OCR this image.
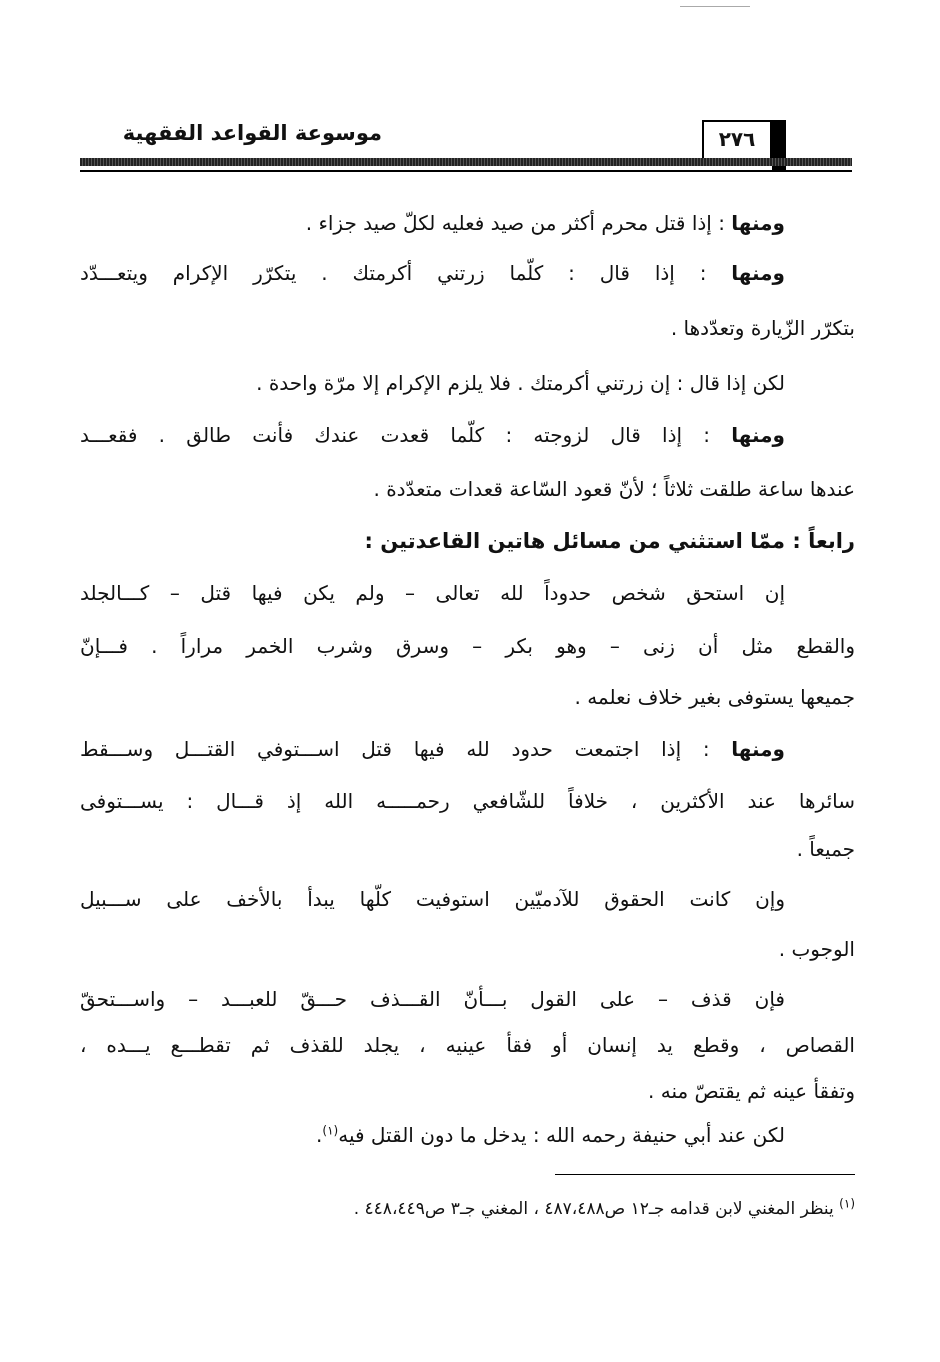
موسوعة القواعد الفقهية	٢٧٦
ومنها : إذا قتل محرم أكثر من صيد فعليه لكلّ صيد جزاء .
ومنها : إذا قال : كلّما زرتني أكرمتك . يتكرّر الإكرام ويتعـــدّد
بتكرّر الزّيارة وتعدّدها .
لكن إذا قال : إن زرتني أكرمتك . فلا يلزم الإكرام إلا مرّة واحدة .
ومنها : إذا قال لزوجته : كلّما قعدت عندك فأنت طالق . فقعـــد
عندها ساعة طلقت ثلاثاً ؛ لأنّ قعود السّاعة قعدات متعدّدة .
رابعاً : ممّا استثني من مسائل هاتين القاعدتين :
إن استحق شخص حدوداً لله تعالى – ولم يكن فيها قتل – كـــالجلد
والقطع مثل أن زنى – وهو بكر – وسرق وشرب الخمر مراراً . فـــإنّ
جميعها يستوفى بغير خلاف نعلمه .
ومنها : إذا اجتمعت حدود لله فيها قتل اســـتوفي القتـــل وســـقط
سائرها عند الأكثرين ، خلافاً للشّافعي رحمـــــه الله إذ قـــال : يســـتوفى
جميعاً .
وإن كانت الحقوق للآدميّين استوفيت كلّها يبدأ بالأخف على ســـبيل
الوجوب .
فإن قذف – على القول بـــأنّ القـــذف حـــقّ للعبـــد – واســـتحقّ
القصاص ، وقطع يد إنسان أو فقأ عينيه ، يجلد للقذف ثم تقطـــع يـــده ،
وتفقأ عينه ثم يقتصّ منه .
لكن عند أبي حنيفة رحمه الله : يدخل ما دون القتل فيه$^{(١)}$.
$^{(١)}$ ينظر المغني لابن قدامه جـ١٢ ص٤٨٧،٤٨٨ ، المغني جـ٣ ص٤٤٨،٤٤٩ .
